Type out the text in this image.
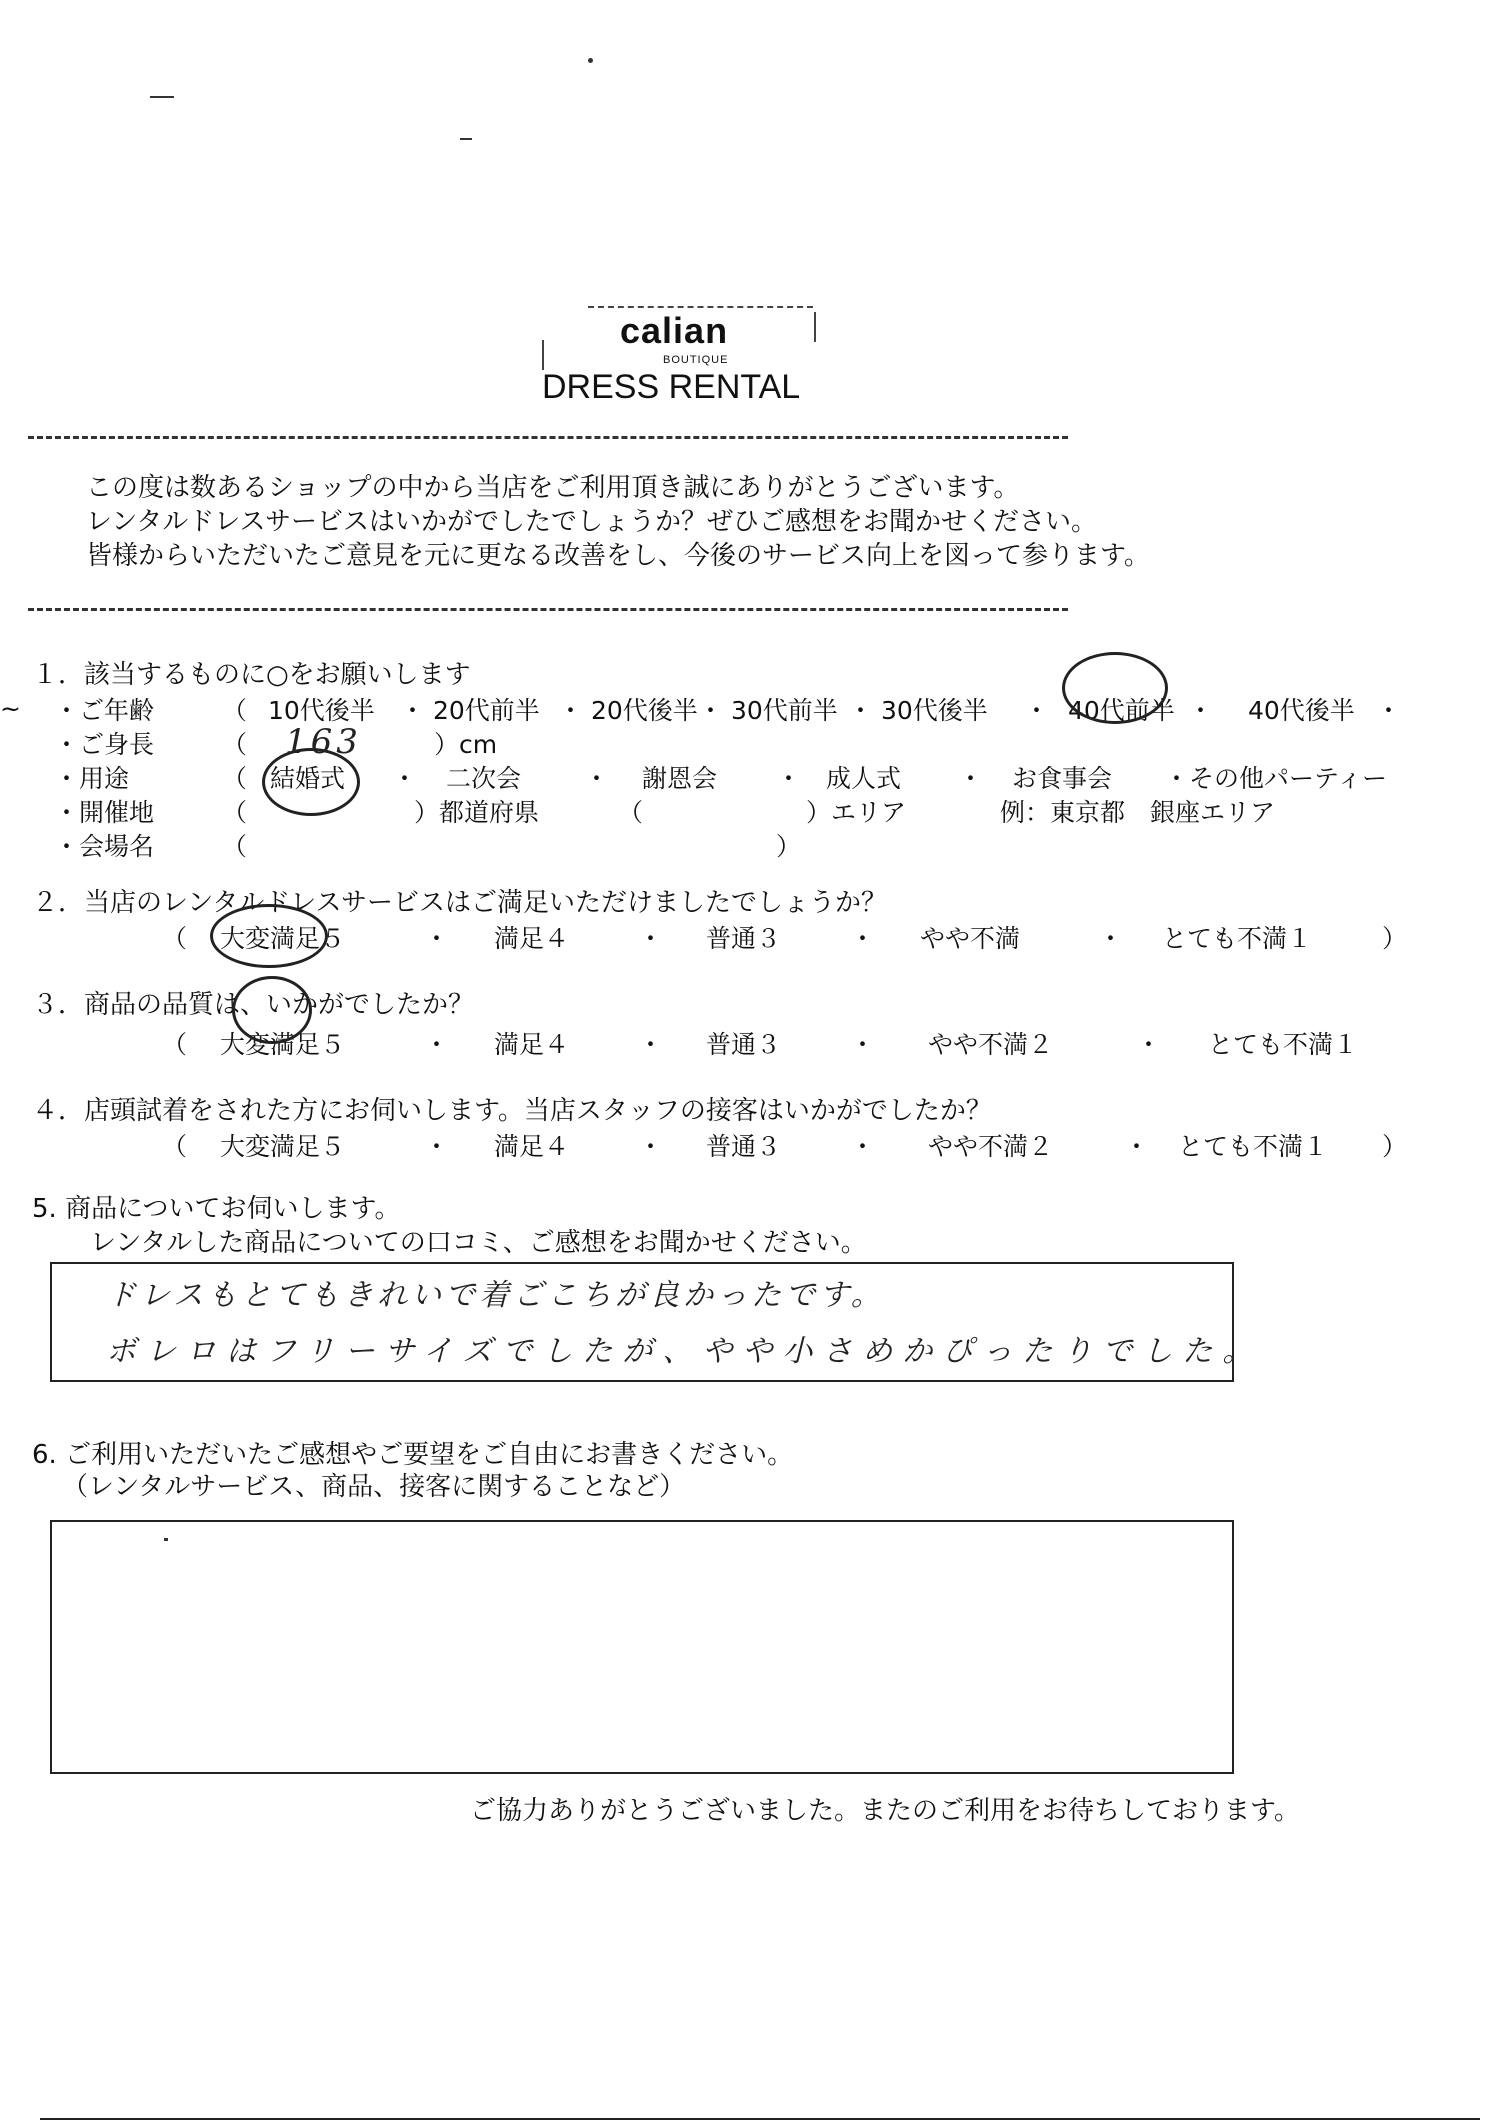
calian
BOUTIQUE
DRESS RENTAL
この度は数あるショップの中から当店をご利用頂き誠にありがとうございます。
レンタルドレスサービスはいかがでしたでしょうか？ぜひご感想をお聞かせください。
皆様からいただいたご意見を元に更なる改善をし、今後のサービス向上を図って参ります。
１．該当するものに○をお願いします
・ご年齢	（ 10代後半 ・ 20代前半 ・ 20代後半 ・ 30代前半 ・ 30代後半 ・ 40代前半 ・ 40代後半 ・
~
・ご身長	（ 163	）cm
・用途	（ 結婚式 ・ 二次会	・ 謝恩会 ・ 成人式 ・ お食事会 ・その他パーティー
・開催地	（	）都道府県	（	）エリア	例：東京都　銀座エリア
・会場名	（	）
２．当店のレンタルドレスサービスはご満足いただけましたでしょうか？
（ 大変満足５	・ 満足４	・ 普通３	・ やや不満	・ とても不満１	）
３．商品の品質は、いかがでしたか？
（ 大変満足５	・ 満足４	・ 普通３	・ やや不満２	・ とても不満１
４．店頭試着をされた方にお伺いします。当店スタッフの接客はいかがでしたか？
（ 大変満足５	・ 満足４	・ 普通３	・ やや不満２	・ とても不満１ ）
5. 商品についてお伺いします。
レンタルした商品についての口コミ、ご感想をお聞かせください。
ドレスもとてもきれいで着ごこちが良かったです。
ボレロはフリーサイズでしたが、やや小さめかぴったりでした。
6. ご利用いただいたご感想やご要望をご自由にお書きください。
（レンタルサービス、商品、接客に関することなど）
ご協力ありがとうございました。またのご利用をお待ちしております。
